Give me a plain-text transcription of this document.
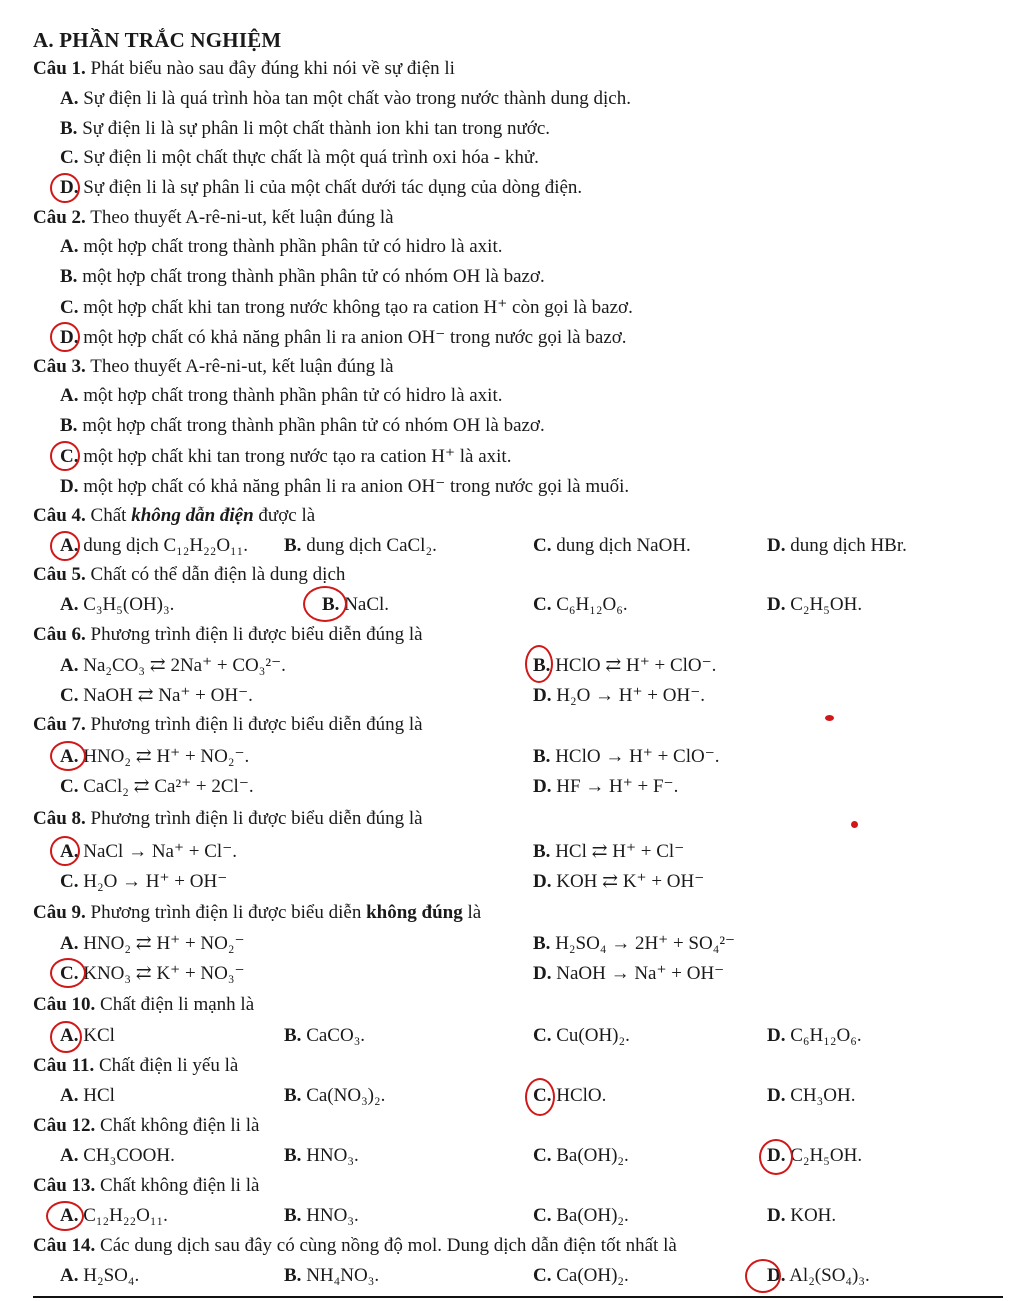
A. PHẦN TRẮC NGHIỆM
Câu 1. Phát biểu nào sau đây đúng khi nói về sự điện li
A. Sự điện li là quá trình hòa tan một chất vào trong nước thành dung dịch.
B. Sự điện li là sự phân li một chất thành ion khi tan trong nước.
C. Sự điện li một chất thực chất là một quá trình oxi hóa - khử.
D. Sự điện li là sự phân li của một chất dưới tác dụng của dòng điện.
Câu 2. Theo thuyết A-rê-ni-ut, kết luận đúng là
A. một hợp chất trong thành phần phân tử có hidro là axit.
B. một hợp chất trong thành phần phân tử có nhóm OH là bazơ.
C. một hợp chất khi tan trong nước không tạo ra cation H⁺ còn gọi là bazơ.
D. một hợp chất có khả năng phân li ra anion OH⁻ trong nước gọi là bazơ.
Câu 3. Theo thuyết A-rê-ni-ut, kết luận đúng là
A. một hợp chất trong thành phần phân tử có hidro là axit.
B. một hợp chất trong thành phần phân tử có nhóm OH là bazơ.
C. một hợp chất khi tan trong nước tạo ra cation H⁺ là axit.
D. một hợp chất có khả năng phân li ra anion OH⁻ trong nước gọi là muối.
Câu 4. Chất không dẫn điện được là
A. dung dịch C₁₂H₂₂O₁₁. B. dung dịch CaCl₂.	C. dung dịch NaOH.	D. dung dịch HBr.
Câu 5. Chất có thể dẫn điện là dung dịch
A. C₃H₅(OH)₃.	B. NaCl.	C. C₆H₁₂O₆.	D. C₂H₅OH.
Câu 6. Phương trình điện li được biểu diễn đúng là
A. Na₂CO₃ ⇄ 2Na⁺ + CO₃²⁻.	B. HClO ⇄ H⁺ + ClO⁻.
C. NaOH ⇄ Na⁺ + OH⁻.	D. H₂O → H⁺ + OH⁻.
Câu 7. Phương trình điện li được biểu diễn đúng là
A. HNO₂ ⇄ H⁺ + NO₂⁻.	B. HClO → H⁺ + ClO⁻.
C. CaCl₂ ⇄ Ca²⁺ + 2Cl⁻.	D. HF → H⁺ + F⁻.
Câu 8. Phương trình điện li được biểu diễn đúng là
A. NaCl → Na⁺ + Cl⁻.	B. HCl ⇄ H⁺ + Cl⁻
C. H₂O → H⁺ + OH⁻	D. KOH ⇄ K⁺ + OH⁻
Câu 9. Phương trình điện li được biểu diễn không đúng là
A. HNO₂ ⇄ H⁺ + NO₂⁻	B. H₂SO₄ → 2H⁺ + SO₄²⁻
C. KNO₃ ⇄ K⁺ + NO₃⁻	D. NaOH → Na⁺ + OH⁻
Câu 10. Chất điện li mạnh là
A. KCl	B. CaCO₃.	C. Cu(OH)₂.	D. C₆H₁₂O₆.
Câu 11. Chất điện li yếu là
A. HCl	B. Ca(NO₃)₂.	C. HClO.	D. CH₃OH.
Câu 12. Chất không điện li là
A. CH₃COOH.	B. HNO₃.	C. Ba(OH)₂.	D. C₂H₅OH.
Câu 13. Chất không điện li là
A. C₁₂H₂₂O₁₁.	B. HNO₃.	C. Ba(OH)₂.	D. KOH.
Câu 14. Các dung dịch sau đây có cùng nồng độ mol. Dung dịch dẫn điện tốt nhất là
A. H₂SO₄.	B. NH₄NO₃.	C. Ca(OH)₂.	D. Al₂(SO₄)₃.
